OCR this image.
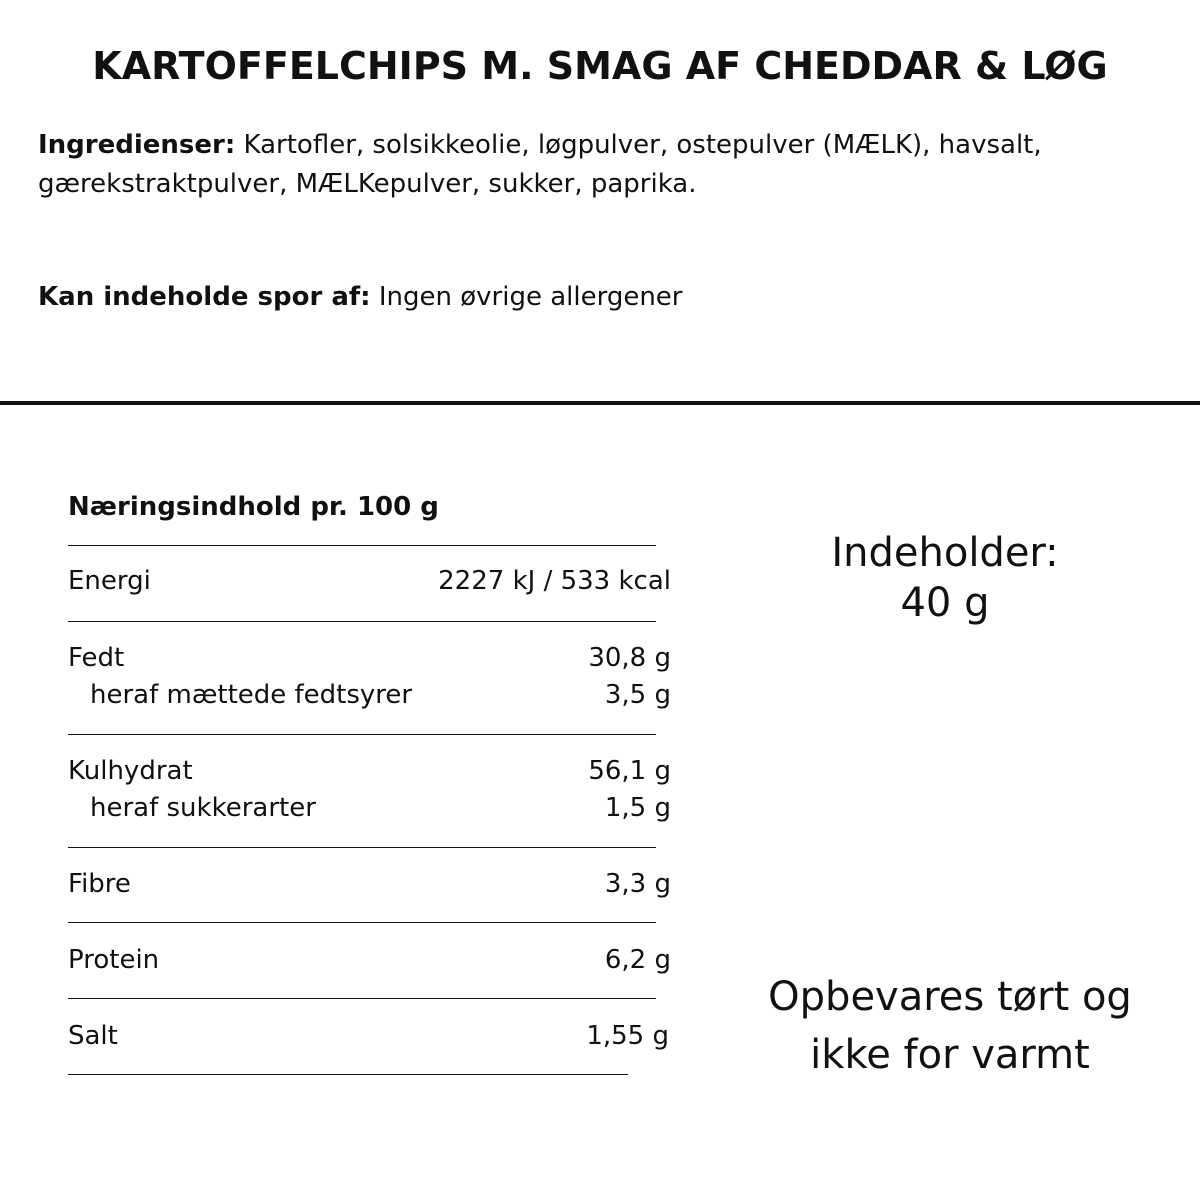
KARTOFFELCHIPS M. SMAG AF CHEDDAR & LØG
Ingredienser: Kartofler, solsikkeolie, løgpulver, ostepulver (MÆLK), havsalt, gærekstraktpulver, MÆLKepulver, sukker, paprika.
Kan indeholde spor af: Ingen øvrige allergener
Næringsindhold pr. 100 g
Energi	2227 kJ / 533 kcal
Fedt	30,8 g
heraf mættede fedtsyrer	3,5 g
Kulhydrat	56,1 g
heraf sukkerarter	1,5 g
Fibre	3,3 g
Protein	6,2 g
Salt	1,55 g
Indeholder:
40 g
Opbevares tørt og
ikke for varmt
